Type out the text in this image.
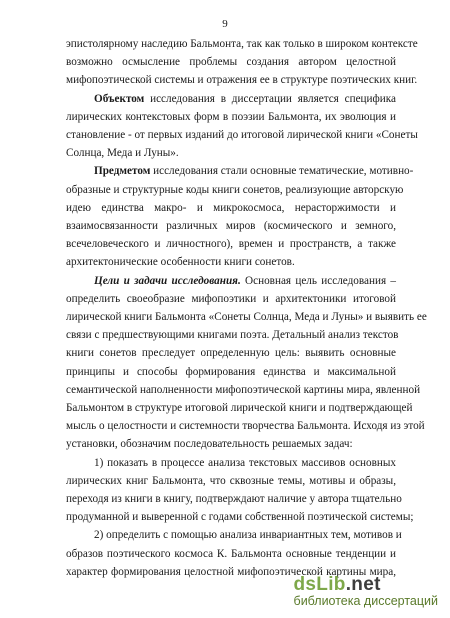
9
эпистолярному наследию Бальмонта, так как только в широком контексте
возможно осмысление проблемы создания автором целостной
мифопоэтической системы и отражения ее в структуре поэтических книг.
Объектом исследования в диссертации является специфика
лирических контекстовых форм в поэзии Бальмонта, их эволюция и
становление - от первых изданий до итоговой лирической книги «Сонеты
Солнца, Меда и Луны».
Предметом исследования стали основные тематические, мотивно-
образные и структурные коды книги сонетов, реализующие авторскую
идею единства макро- и микрокосмоса, нерасторжимости и
взаимосвязанности различных миров (космического и земного,
всечеловеческого и личностного), времен и пространств, а также
архитектонические особенности книги сонетов.
Цели и задачи исследования. Основная цель исследования –
определить своеобразие мифопоэтики и архитектоники итоговой
лирической книги Бальмонта «Сонеты Солнца, Меда и Луны» и выявить ее
связи с предшествующими книгами поэта. Детальный анализ текстов
книги сонетов преследует определенную цель: выявить основные
принципы и способы формирования единства и максимальной
семантической наполненности мифопоэтической картины мира, явленной
Бальмонтом в структуре итоговой лирической книги и подтверждающей
мысль о целостности и системности творчества Бальмонта. Исходя из этой
установки, обозначим последовательность решаемых задач:
1) показать в процессе анализа текстовых массивов основных
лирических книг Бальмонта, что сквозные темы, мотивы и образы,
переходя из книги в книгу, подтверждают наличие у автора тщательно
продуманной и выверенной с годами собственной поэтической системы;
2) определить с помощью анализа инвариантных тем, мотивов и
образов поэтического космоса К. Бальмонта основные тенденции и
характер формирования целостной мифопоэтической картины мира,
dsLib.net
библиотека диссертаций
